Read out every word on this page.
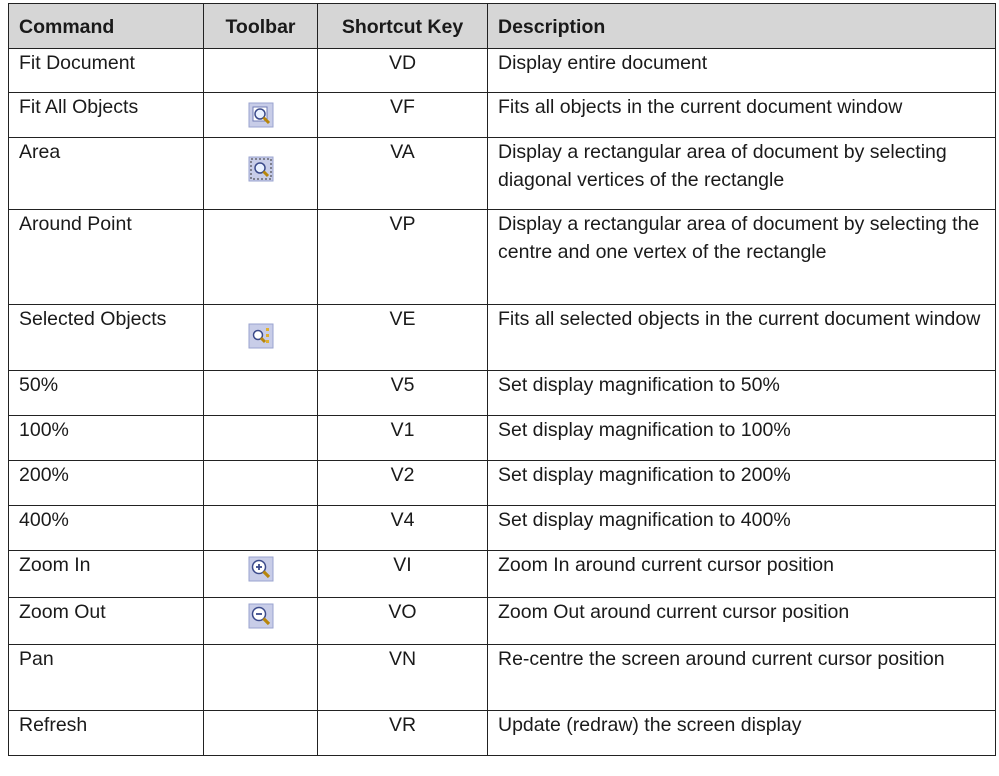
Command	Toolbar	Shortcut Key	Description
Fit Document		VD	Display entire document
Fit All Objects		VF	Fits all objects in the current document window
Area		VA	Display a rectangular area of document by selecting diagonal vertices of the rectangle
Around Point		VP	Display a rectangular area of document by selecting the centre and one vertex of the rectangle
Selected Objects		VE	Fits all selected objects in the current document window
50%		V5	Set display magnification to 50%
100%		V1	Set display magnification to 100%
200%		V2	Set display magnification to 200%
400%		V4	Set display magnification to 400%
Zoom In		VI	Zoom In around current cursor position
Zoom Out		VO	Zoom Out around current cursor position
Pan		VN	Re-centre the screen around current cursor position
Refresh		VR	Update (redraw) the screen display
